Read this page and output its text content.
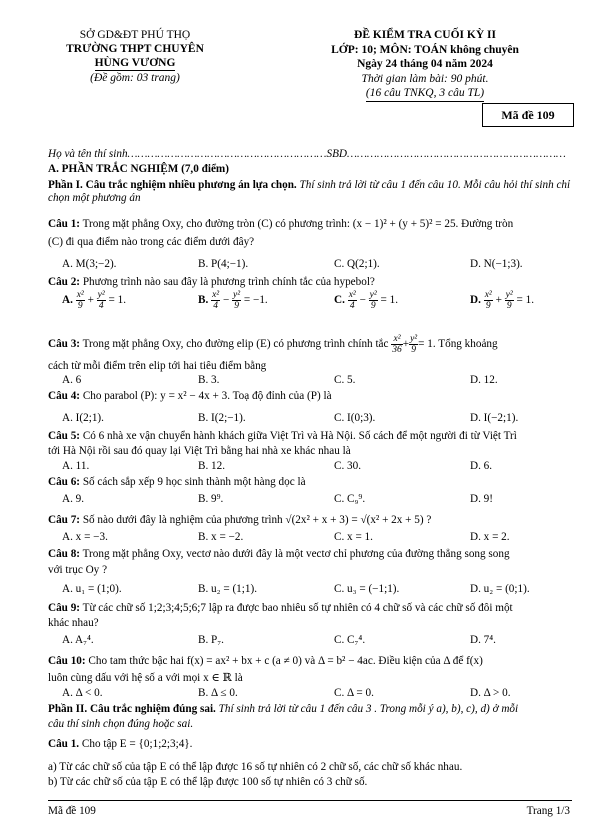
SỞ GD&ĐT PHÚ THỌ
TRƯỜNG THPT CHUYÊN
HÙNG VƯƠNG
(Đề gồm: 03 trang)
ĐỀ KIỂM TRA CUỐI KỲ II
LỚP: 10; MÔN: TOÁN không chuyên
Ngày 24 tháng 04 năm 2024
Thời gian làm bài: 90 phút.
(16 câu TNKQ, 3 câu TL)
Mã đề 109
Họ và tên thí sinh……………………………………………………SBD…………………………………………………………
A. PHẦN TRẮC NGHIỆM (7,0 điểm)
Phần I. Câu trắc nghiệm nhiều phương án lựa chọn. Thí sinh trả lời từ câu 1 đến câu 10. Mỗi câu hỏi thí sinh chỉ chọn một phương án
Câu 1: Trong mặt phẳng Oxy, cho đường tròn (C) có phương trình: (x − 1)² + (y + 5)² = 25. Đường tròn
(C) đi qua điểm nào trong các điểm dưới đây?
A. M(3;−2).	B. P(4;−1).	C. Q(2;1).	D. N(−1;3).
Câu 2: Phương trình nào sau đây là phương trình chính tắc của hypebol?
A. $\frac{\text{x²}}{9} + \frac{\text{y²}}{4} = 1$.	B. $\frac{\text{x²}}{4} - \frac{\text{y²}}{9} = -1$.	C. $\frac{\text{x²}}{4} - \frac{\text{y²}}{9} = 1$.	D. $\frac{\text{x²}}{9} + \frac{\text{y²}}{9} = 1$.
Câu 3: Trong mặt phẳng Oxy, cho đường elip (E) có phương trình chính tắc $\frac{\text{x²}}{36} + \frac{\text{y²}}{9} = 1$. Tổng khoảng
cách từ mỗi điểm trên elip tới hai tiêu điểm bằng
A. 6	B. 3.	C. 5.	D. 12.
Câu 4: Cho parabol (P): y = x² − 4x + 3. Toạ độ đỉnh của (P) là
A. I(2;1).	B. I(2;−1).	C. I(0;3).	D. I(−2;1).
Câu 5: Có 6 nhà xe vận chuyển hành khách giữa Việt Trì và Hà Nội. Số cách để một người đi từ Việt Trì
tới Hà Nội rồi sau đó quay lại Việt Trì bằng hai nhà xe khác nhau là
A. 11.	B. 12.	C. 30.	D. 6.
Câu 6: Số cách sắp xếp 9 học sinh thành một hàng dọc là
A. 9.	B. 9⁹.	C. C₉⁹.	D. 9!
Câu 7: Số nào dưới đây là nghiệm của phương trình √(2x² + x + 3) = √(x² + 2x + 5) ?
A. x = −3.	B. x = −2.	C. x = 1.	D. x = 2.
Câu 8: Trong mặt phẳng Oxy, vectơ nào dưới đây là một vectơ chỉ phương của đường thẳng song song
với trục Oy ?
A. u₁ = (1;0).	B. u₂ = (1;1).	C. u₃ = (−1;1).	D. u₂ = (0;1).
Câu 9: Từ các chữ số 1;2;3;4;5;6;7 lập ra được bao nhiêu số tự nhiên có 4 chữ số và các chữ số đôi một
khác nhau?
A. A₇⁴.	B. P₇.	C. C₇⁴.	D. 7⁴.
Câu 10: Cho tam thức bậc hai f(x) = ax² + bx + c (a ≠ 0) và Δ = b² − 4ac. Điều kiện của Δ để f(x)
luôn cùng dấu với hệ số a với mọi x ∈ ℝ là
A. Δ < 0.	B. Δ ≤ 0.	C. Δ = 0.	D. Δ > 0.
Phần II. Câu trắc nghiệm đúng sai. Thí sinh trả lời từ câu 1 đến câu 3 . Trong mỗi ý a), b), c), d) ở mỗi
câu thí sinh chọn đúng hoặc sai.
Câu 1. Cho tập E = {0;1;2;3;4}.
a) Từ các chữ số của tập E có thể lập được 16 số tự nhiên có 2 chữ số, các chữ số khác nhau.
b) Từ các chữ số của tập E có thể lập được 100 số tự nhiên có 3 chữ số.
Mã đề 109	Trang 1/3
